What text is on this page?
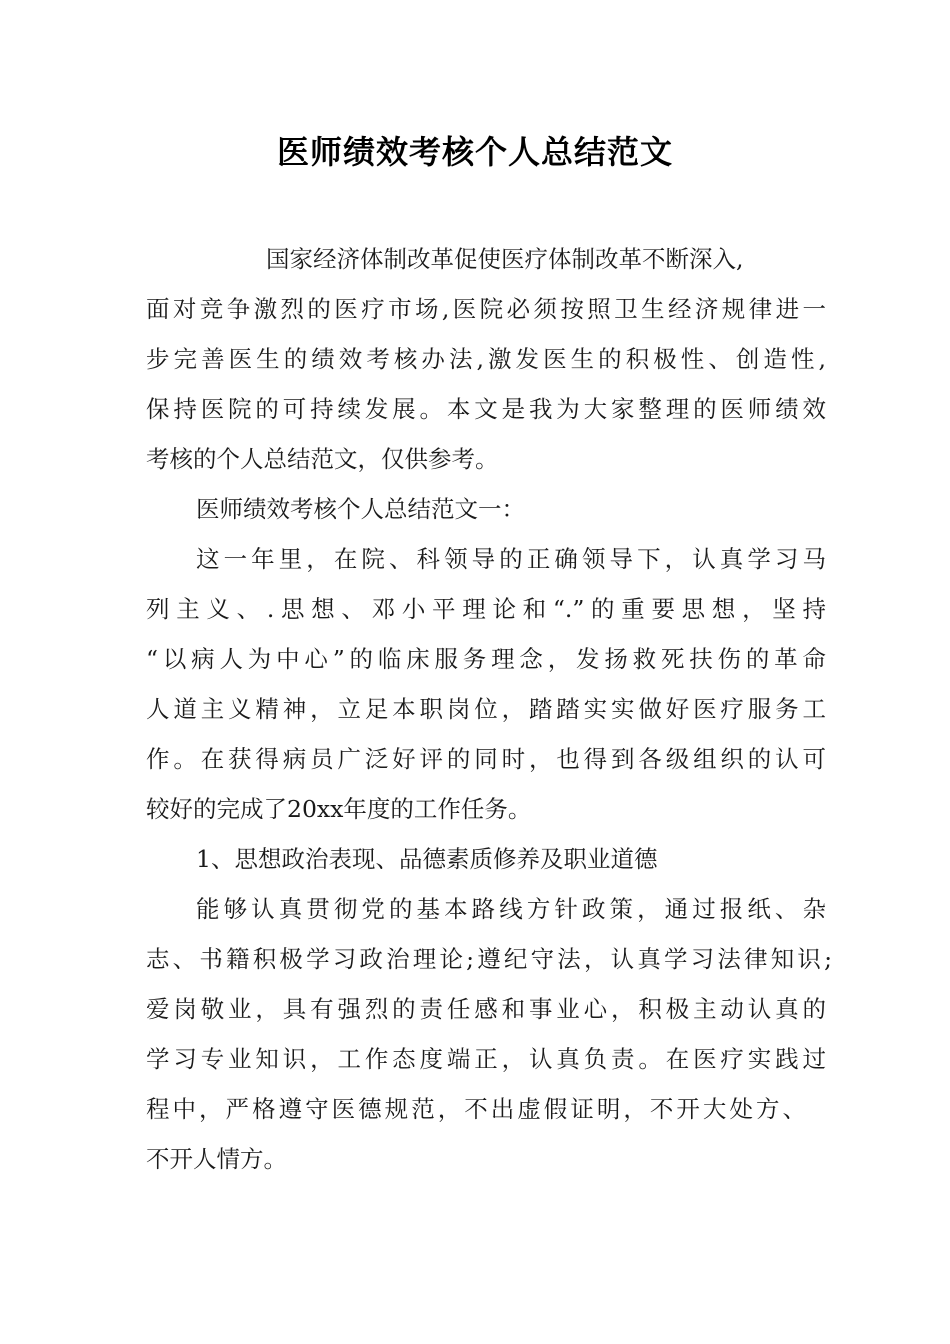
医师绩效考核个人总结范文
国家经济体制改革促使医疗体制改革不断深入,
面对竞争激烈的医疗市场,医院必须按照卫生经济规律进一
步完善医生的绩效考核办法,激发医生的积极性、创造性,
保持医院的可持续发展。本文是我为大家整理的医师绩效
考核的个人总结范文，仅供参考。
医师绩效考核个人总结范文一：
这一年里，在院、科领导的正确领导下，认真学习马
列主义、.思想、邓小平理论和“.”的重要思想，坚持
“以病人为中心”的临床服务理念，发扬救死扶伤的革命
人道主义精神，立足本职岗位，踏踏实实做好医疗服务工
作。在获得病员广泛好评的同时，也得到各级组织的认可
较好的完成了20xx年度的工作任务。
1、思想政治表现、品德素质修养及职业道德
能够认真贯彻党的基本路线方针政策，通过报纸、杂
志、书籍积极学习政治理论;遵纪守法，认真学习法律知识;
爱岗敬业，具有强烈的责任感和事业心，积极主动认真的
学习专业知识，工作态度端正，认真负责。在医疗实践过
程中，严格遵守医德规范，不出虚假证明，不开大处方、
不开人情方。
